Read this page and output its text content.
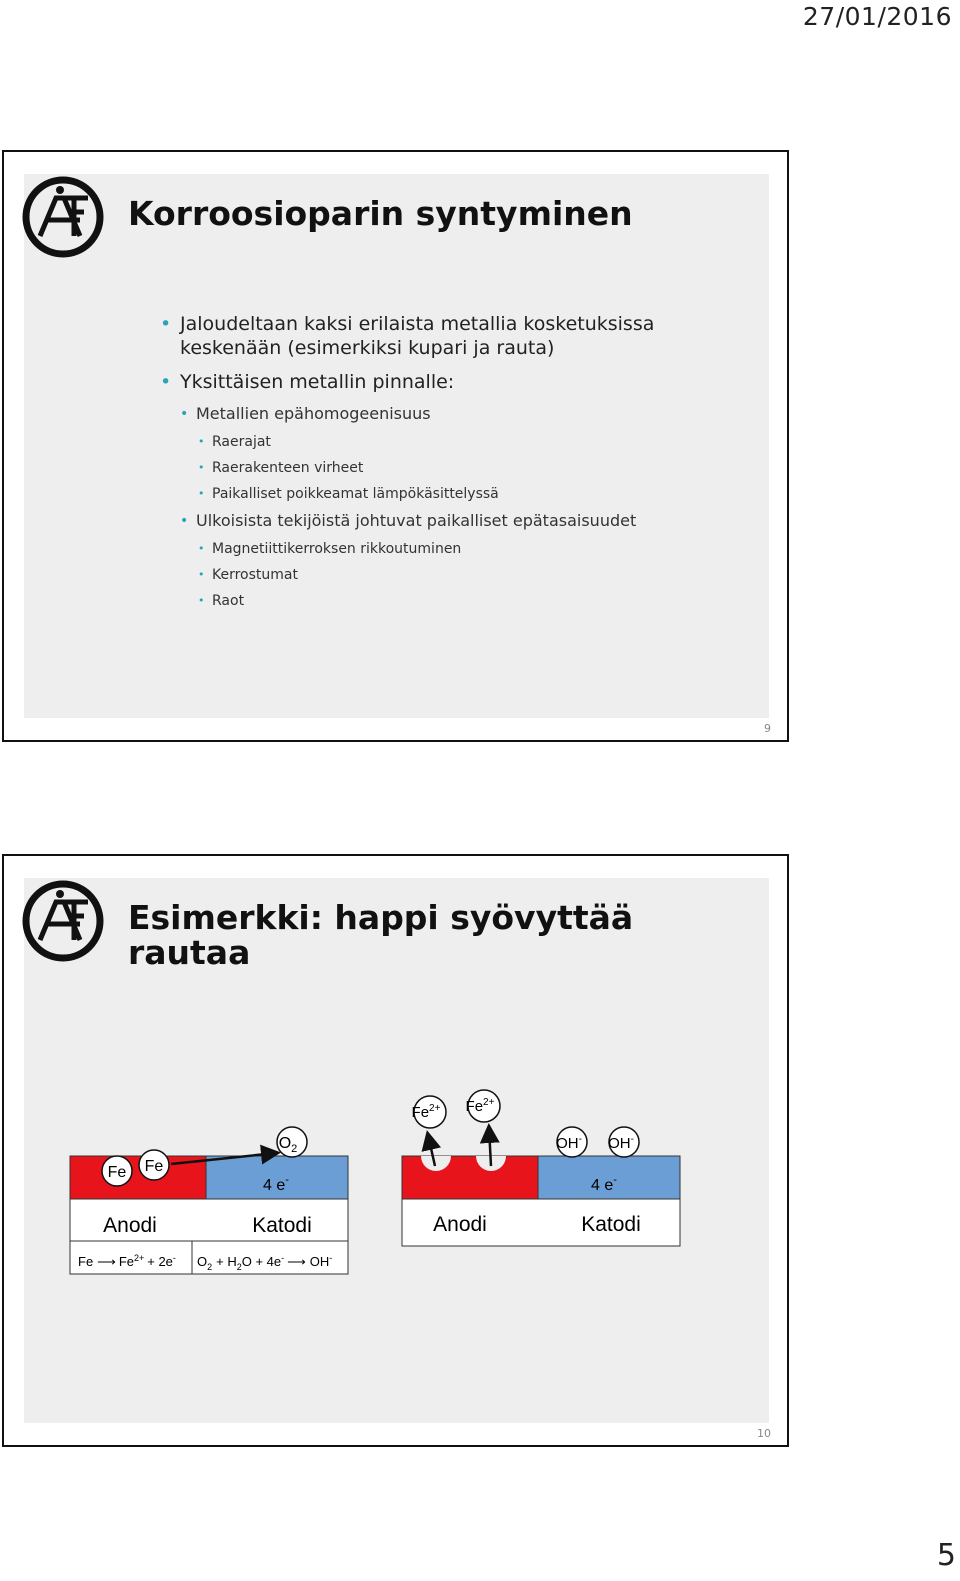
27/01/2016
Korroosioparin syntyminen
• Jaloudeltaan kaksi erilaista metallia kosketuksissa keskenään (esimerkiksi kupari ja rauta)
• Yksittäisen metallin pinnalle:
• Metallien epähomogeenisuus
• Raerajat
• Raerakenteen virheet
• Paikalliset poikkeamat lämpökäsittelyssä
• Ulkoisista tekijöistä johtuvat paikalliset epätasaisuudet
• Magnetiittikerroksen rikkoutuminen
• Kerrostumat
• Raot
9
Esimerkki: happi syövyttää rautaa
Fe Fe
$O_2$
4 e-
Anodi	Katodi
Fe ⟶ $Fe^{2+} + 2e^-$ $O_2 + H_2O + 4e^-$ ⟶ OH-
$Fe^{2+}$ $Fe^{2+}$
OH- OH-
4 e-
Anodi	Katodi
10
5
